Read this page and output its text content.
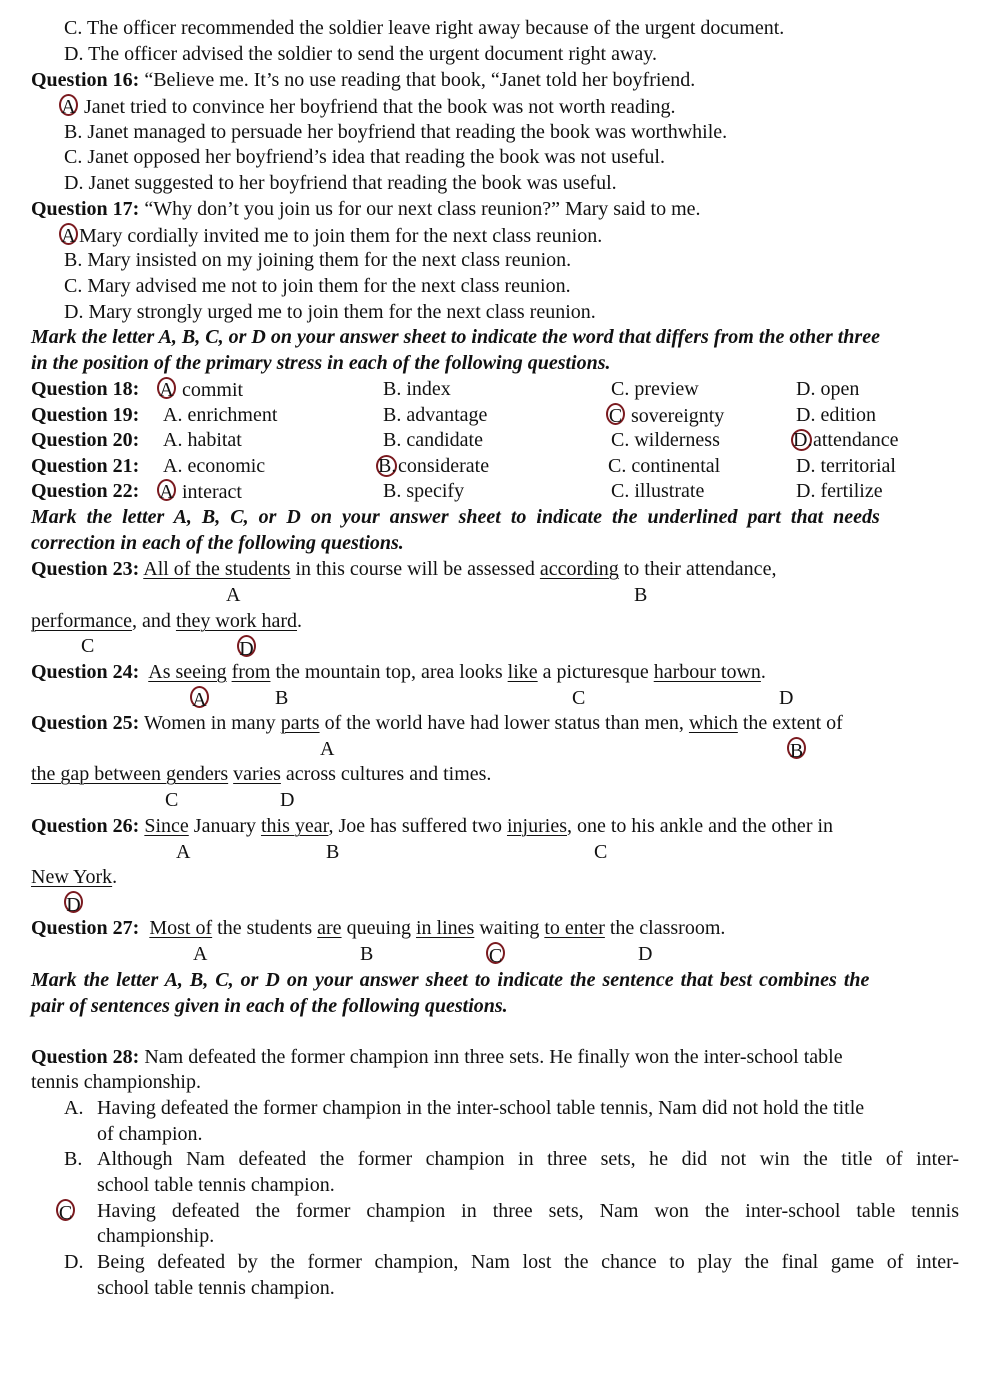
C. The officer recommended the soldier leave right away because of the urgent document.
D. The officer advised the soldier to send the urgent document right away.
Question 16: “Believe me. It’s no use reading that book, “Janet told her boyfriend.
A Janet tried to convince her boyfriend that the book was not worth reading.
B. Janet managed to persuade her boyfriend that reading the book was worthwhile.
C. Janet opposed her boyfriend’s idea that reading the book was not useful.
D. Janet suggested to her boyfriend that reading the book was useful.
Question 17: “Why don’t you join us for our next class reunion?” Mary said to me.
A Mary cordially invited me to join them for the next class reunion.
B. Mary insisted on my joining them for the next class reunion.
C. Mary advised me not to join them for the next class reunion.
D. Mary strongly urged me to join them for the next class reunion.
Mark the letter A, B, C, or D on your answer sheet to indicate the word that differs from the other three
in the position of the primary stress in each of the following questions.
Question 18: A commit	B. index	C. preview	D. open
Question 19: A. enrichment	B. advantage	C sovereignty	D. edition
Question 20: A. habitat	B. candidate	C. wilderness	D.attendance
Question 21: A. economic	B.considerate	C. continental	D. territorial
Question 22: A interact	B. specify	C. illustrate	D. fertilize
Mark the letter A, B, C, or D on your answer sheet to indicate the underlined part that needs
correction in each of the following questions.
Question 23: All of the students in this course will be assessed according to their attendance,
A	B
performance, and they work hard.
C	D
Question 24: As seeing from the mountain top, area looks like a picturesque harbour town.
A	B	C	D
Question 25: Women in many parts of the world have had lower status than men, which the extent of
A	B
the gap between genders varies across cultures and times.
C	D
Question 26: Since January this year, Joe has suffered two injuries, one to his ankle and the other in
A	B	C
New York.
D
Question 27: Most of the students are queuing in lines waiting to enter the classroom.
A	B	C	D
Mark the letter A, B, C, or D on your answer sheet to indicate the sentence that best combines the
pair of sentences given in each of the following questions.
Question 28: Nam defeated the former champion inn three sets. He finally won the inter-school table
tennis championship.
A. Having defeated the former champion in the inter-school table tennis, Nam did not hold the title
of champion.
B. Although Nam defeated the former champion in three sets, he did not win the title of inter-
school table tennis champion.
C Having defeated the former champion in three sets, Nam won the inter-school table tennis
championship.
D. Being defeated by the former champion, Nam lost the chance to play the final game of inter-
school table tennis champion.
